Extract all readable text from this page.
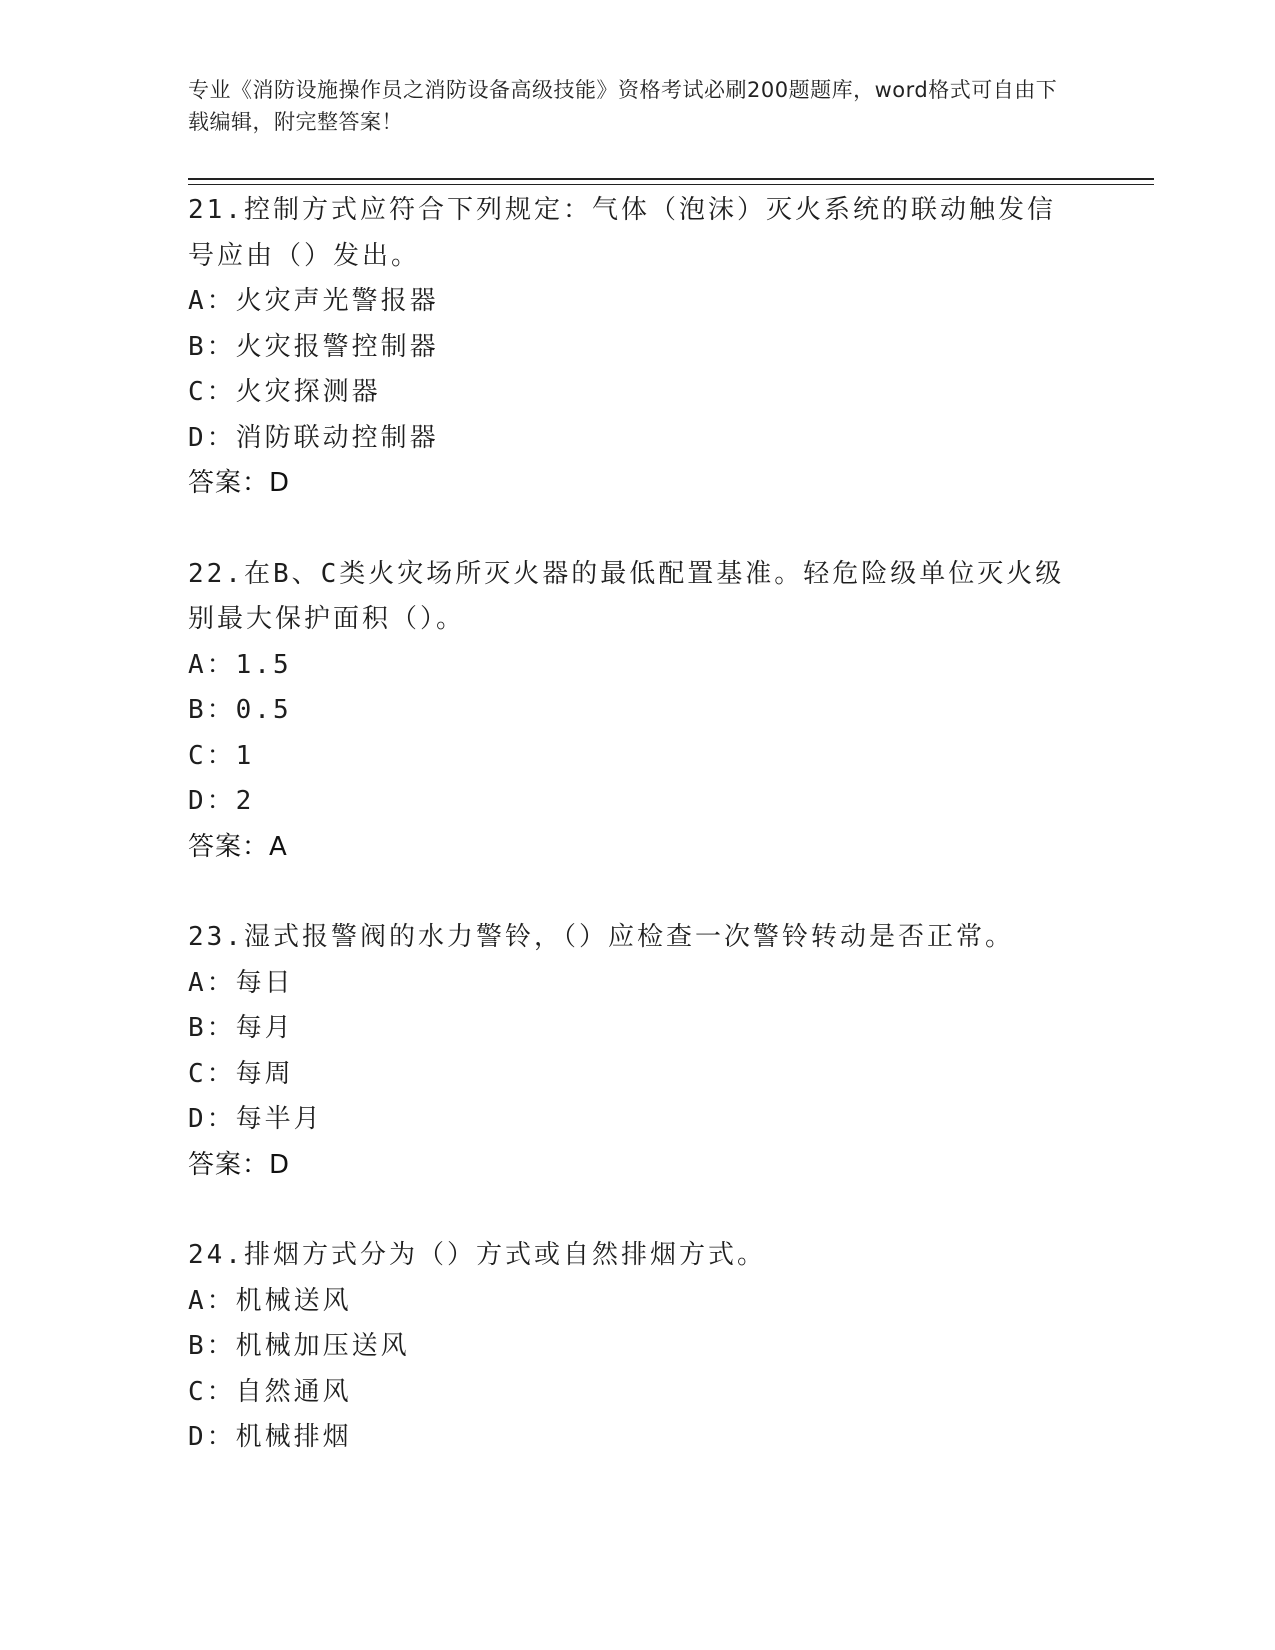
专业《消防设施操作员之消防设备高级技能》资格考试必刷200题题库，word格式可自由下载编辑，附完整答案！
21.控制方式应符合下列规定：气体（泡沫）灭火系统的联动触发信号应由（）发出。
A：火灾声光警报器
B：火灾报警控制器
C：火灾探测器
D：消防联动控制器
答案：D
22.在B、C类火灾场所灭火器的最低配置基准。轻危险级单位灭火级别最大保护面积（）。
A：1.5
B：0.5
C：1
D：2
答案：A
23.湿式报警阀的水力警铃，（）应检查一次警铃转动是否正常。
A：每日
B：每月
C：每周
D：每半月
答案：D
24.排烟方式分为（）方式或自然排烟方式。
A：机械送风
B：机械加压送风
C：自然通风
D：机械排烟
